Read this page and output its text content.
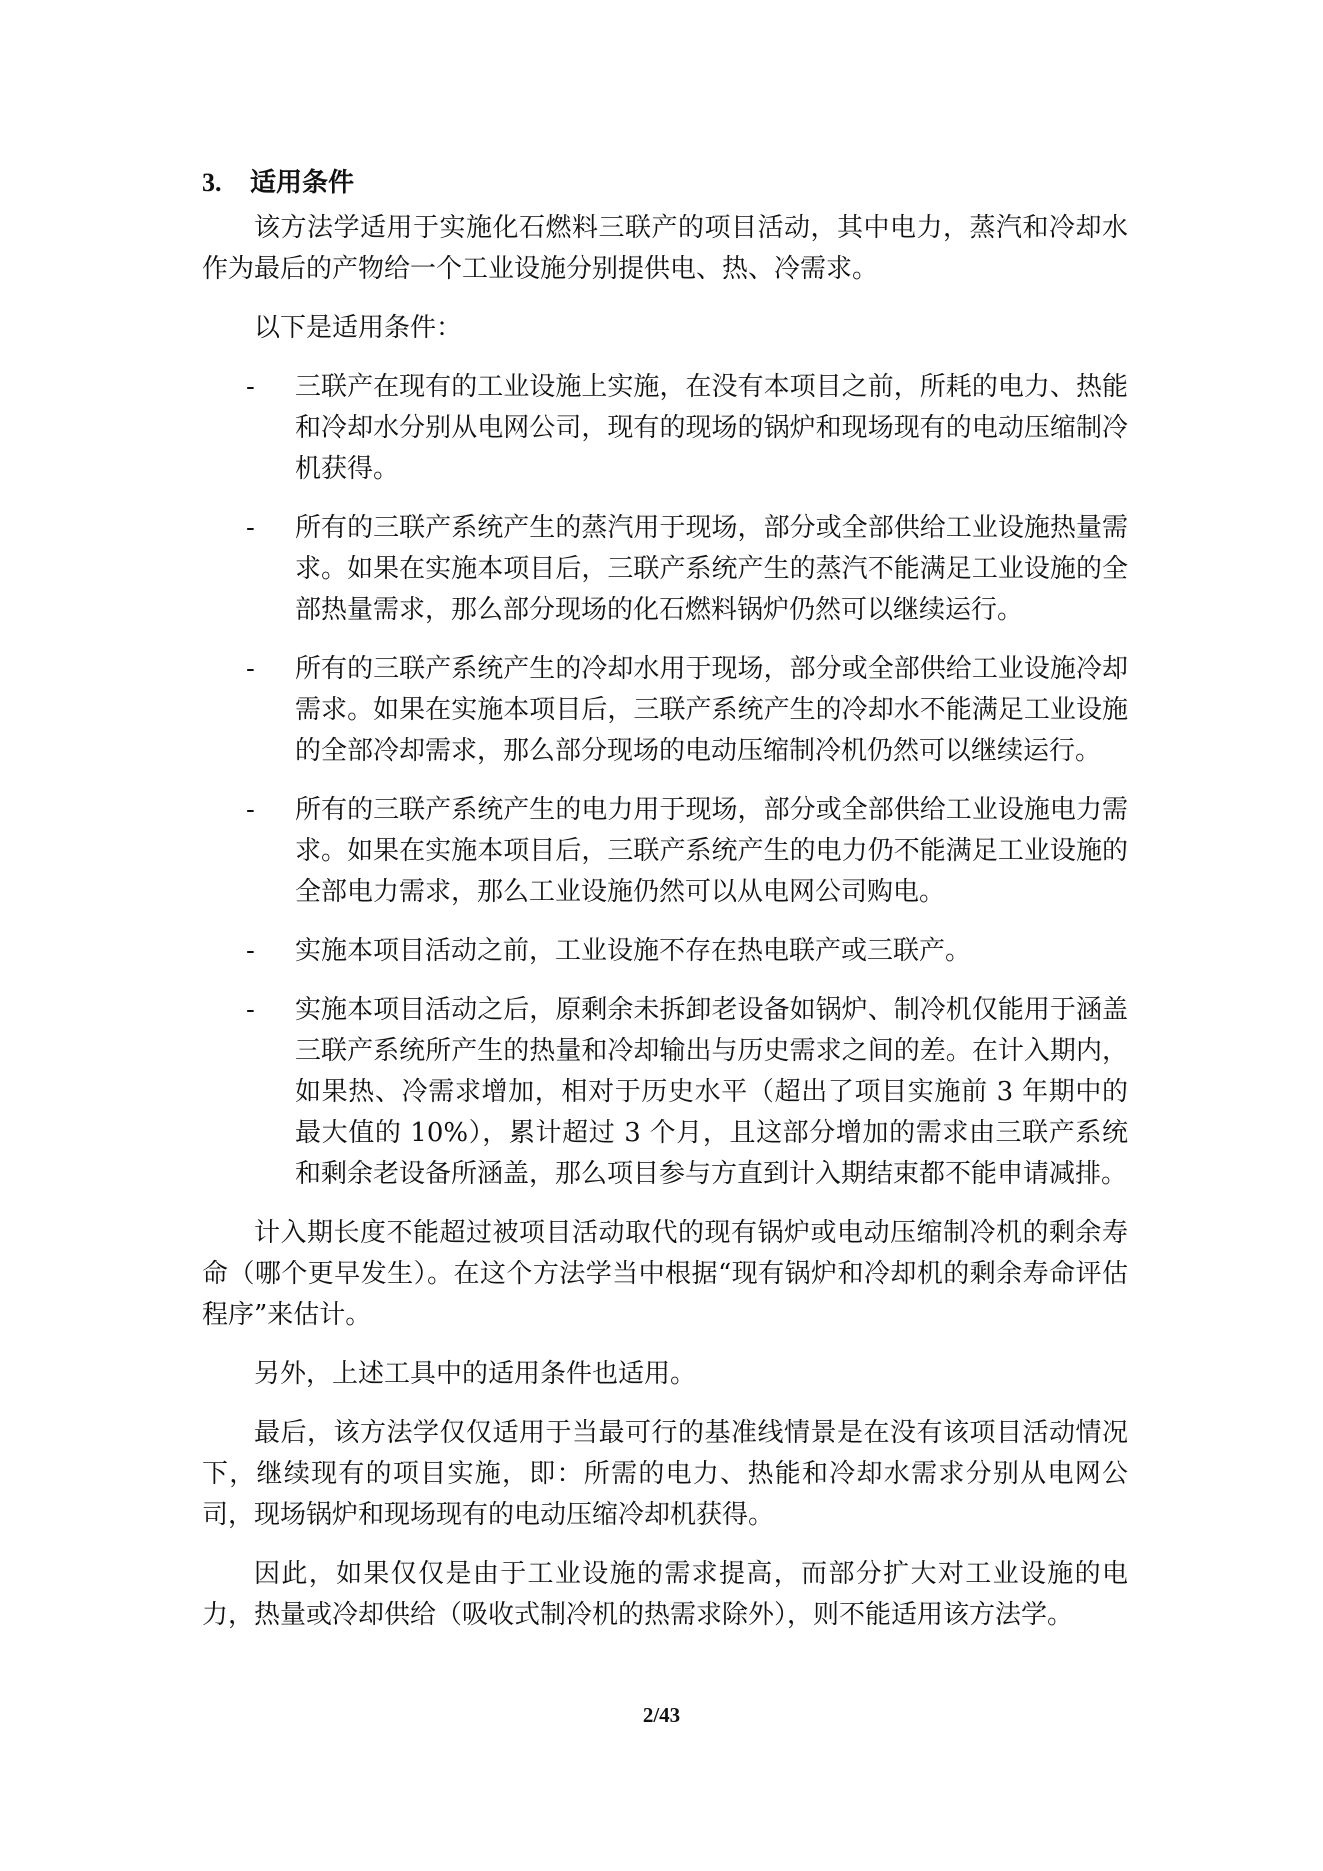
3. 适用条件

该方法学适用于实施化石燃料三联产的项目活动，其中电力，蒸汽和冷却水作为最后的产物给一个工业设施分别提供电、热、冷需求。

以下是适用条件：

- 三联产在现有的工业设施上实施，在没有本项目之前，所耗的电力、热能和冷却水分别从电网公司，现有的现场的锅炉和现场现有的电动压缩制冷机获得。
- 所有的三联产系统产生的蒸汽用于现场，部分或全部供给工业设施热量需求。如果在实施本项目后，三联产系统产生的蒸汽不能满足工业设施的全部热量需求，那么部分现场的化石燃料锅炉仍然可以继续运行。
- 所有的三联产系统产生的冷却水用于现场，部分或全部供给工业设施冷却需求。如果在实施本项目后，三联产系统产生的冷却水不能满足工业设施的全部冷却需求，那么部分现场的电动压缩制冷机仍然可以继续运行。
- 所有的三联产系统产生的电力用于现场，部分或全部供给工业设施电力需求。如果在实施本项目后，三联产系统产生的电力仍不能满足工业设施的全部电力需求，那么工业设施仍然可以从电网公司购电。
- 实施本项目活动之前，工业设施不存在热电联产或三联产。
- 实施本项目活动之后，原剩余未拆卸老设备如锅炉、制冷机仅能用于涵盖三联产系统所产生的热量和冷却输出与历史需求之间的差。在计入期内，如果热、冷需求增加，相对于历史水平（超出了项目实施前 3 年期中的最大值的 10%），累计超过 3 个月，且这部分增加的需求由三联产系统和剩余老设备所涵盖，那么项目参与方直到计入期结束都不能申请减排。

计入期长度不能超过被项目活动取代的现有锅炉或电动压缩制冷机的剩余寿命（哪个更早发生）。在这个方法学当中根据“现有锅炉和冷却机的剩余寿命评估程序”来估计。

另外，上述工具中的适用条件也适用。

最后，该方法学仅仅适用于当最可行的基准线情景是在没有该项目活动情况下，继续现有的项目实施，即：所需的电力、热能和冷却水需求分别从电网公司，现场锅炉和现场现有的电动压缩冷却机获得。

因此，如果仅仅是由于工业设施的需求提高，而部分扩大对工业设施的电力，热量或冷却供给（吸收式制冷机的热需求除外），则不能适用该方法学。

2/43
